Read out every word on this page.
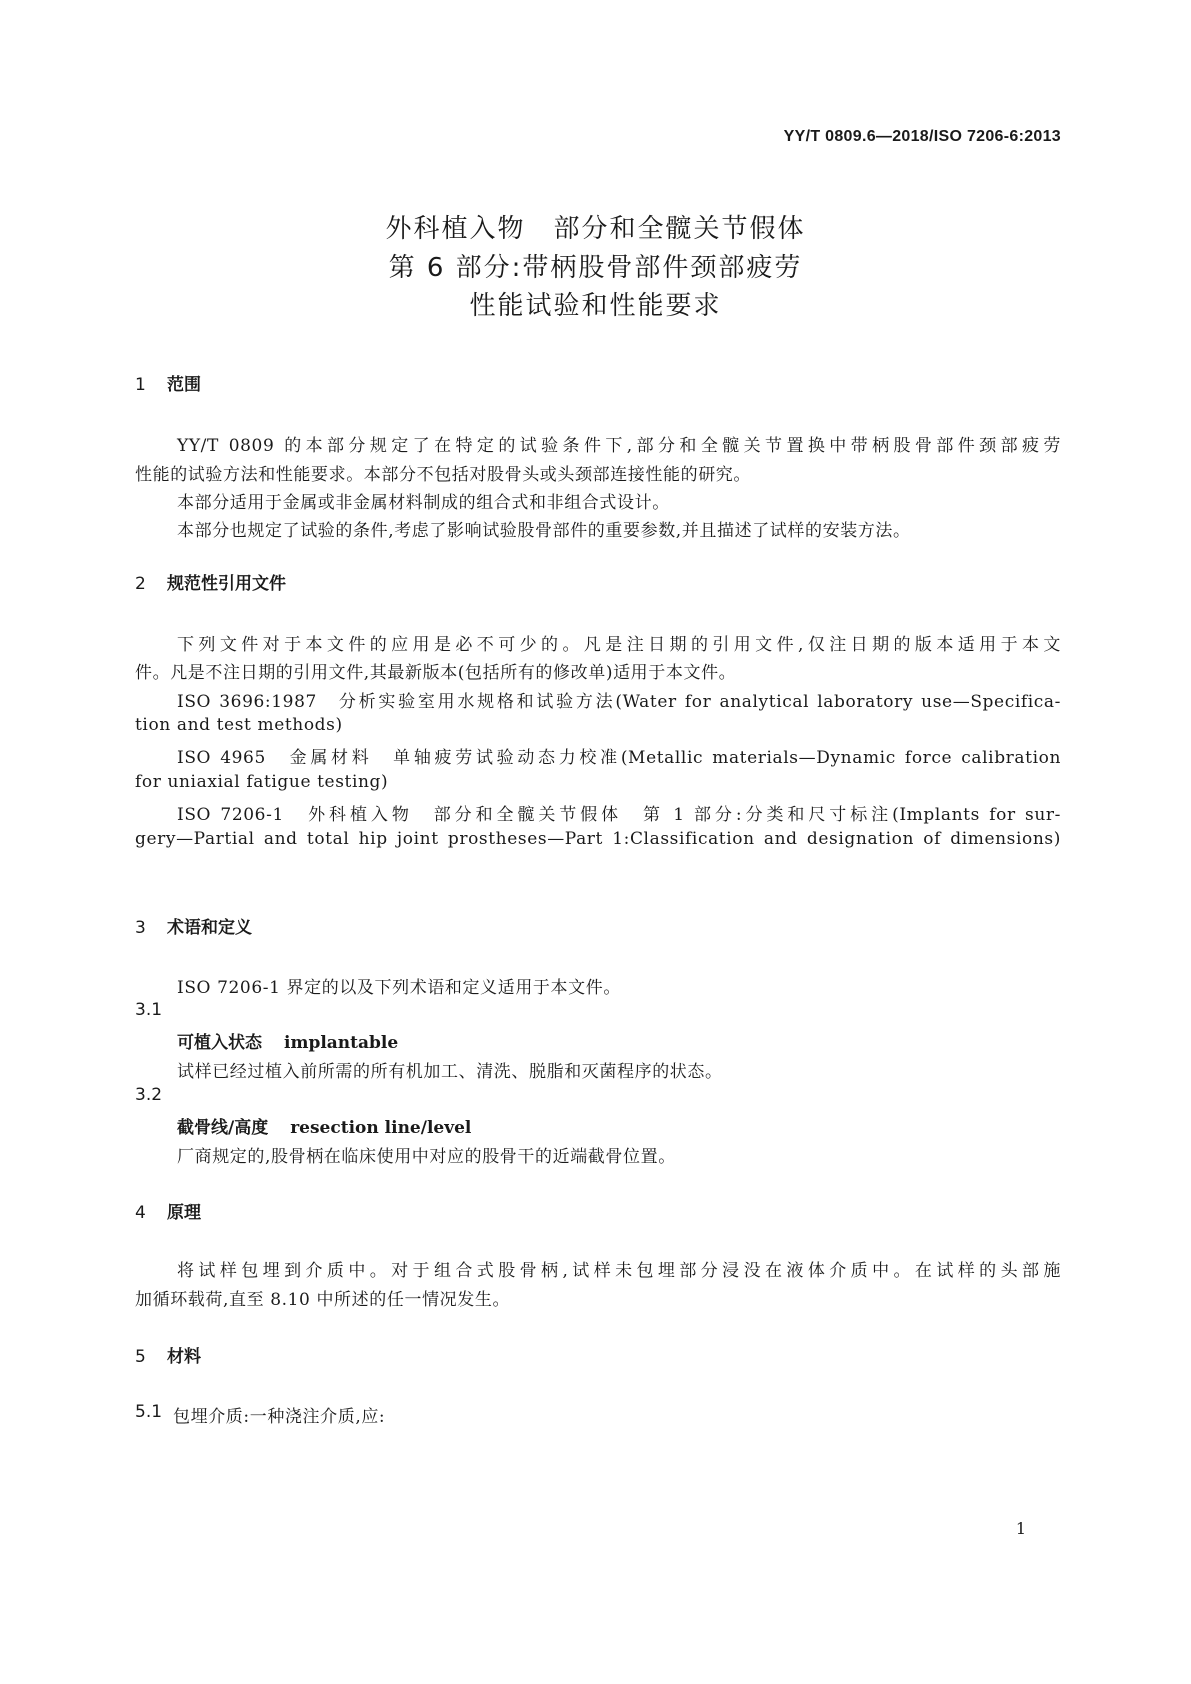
YY/T 0809.6—2018/ISO 7206-6:2013
外科植入物　部分和全髋关节假体
第 6 部分:带柄股骨部件颈部疲劳
性能试验和性能要求
1 范围
YY/T 0809 的本部分规定了在特定的试验条件下,部分和全髋关节置换中带柄股骨部件颈部疲劳
性能的试验方法和性能要求。本部分不包括对股骨头或头颈部连接性能的研究。
本部分适用于金属或非金属材料制成的组合式和非组合式设计。
本部分也规定了试验的条件,考虑了影响试验股骨部件的重要参数,并且描述了试样的安装方法。
2 规范性引用文件
下列文件对于本文件的应用是必不可少的。凡是注日期的引用文件,仅注日期的版本适用于本文
件。凡是不注日期的引用文件,其最新版本(包括所有的修改单)适用于本文件。
ISO 3696:1987　分析实验室用水规格和试验方法(Water for analytical laboratory use—Specifica-
tion and test methods)
ISO 4965　金属材料　单轴疲劳试验动态力校准(Metallic materials—Dynamic force calibration
for uniaxial fatigue testing)
ISO 7206-1　外科植入物　部分和全髋关节假体　第 1 部分:分类和尺寸标注(Implants for sur-
gery—Partial and total hip joint prostheses—Part 1:Classification and designation of dimensions)
3 术语和定义
ISO 7206-1 界定的以及下列术语和定义适用于本文件。
3.1
可植入状态 implantable
试样已经过植入前所需的所有机加工、清洗、脱脂和灭菌程序的状态。
3.2
截骨线/高度 resection line/level
厂商规定的,股骨柄在临床使用中对应的股骨干的近端截骨位置。
4 原理
将试样包埋到介质中。对于组合式股骨柄,试样未包埋部分浸没在液体介质中。在试样的头部施
加循环载荷,直至 8.10 中所述的任一情况发生。
5 材料
5.1 包埋介质:一种浇注介质,应:
1
